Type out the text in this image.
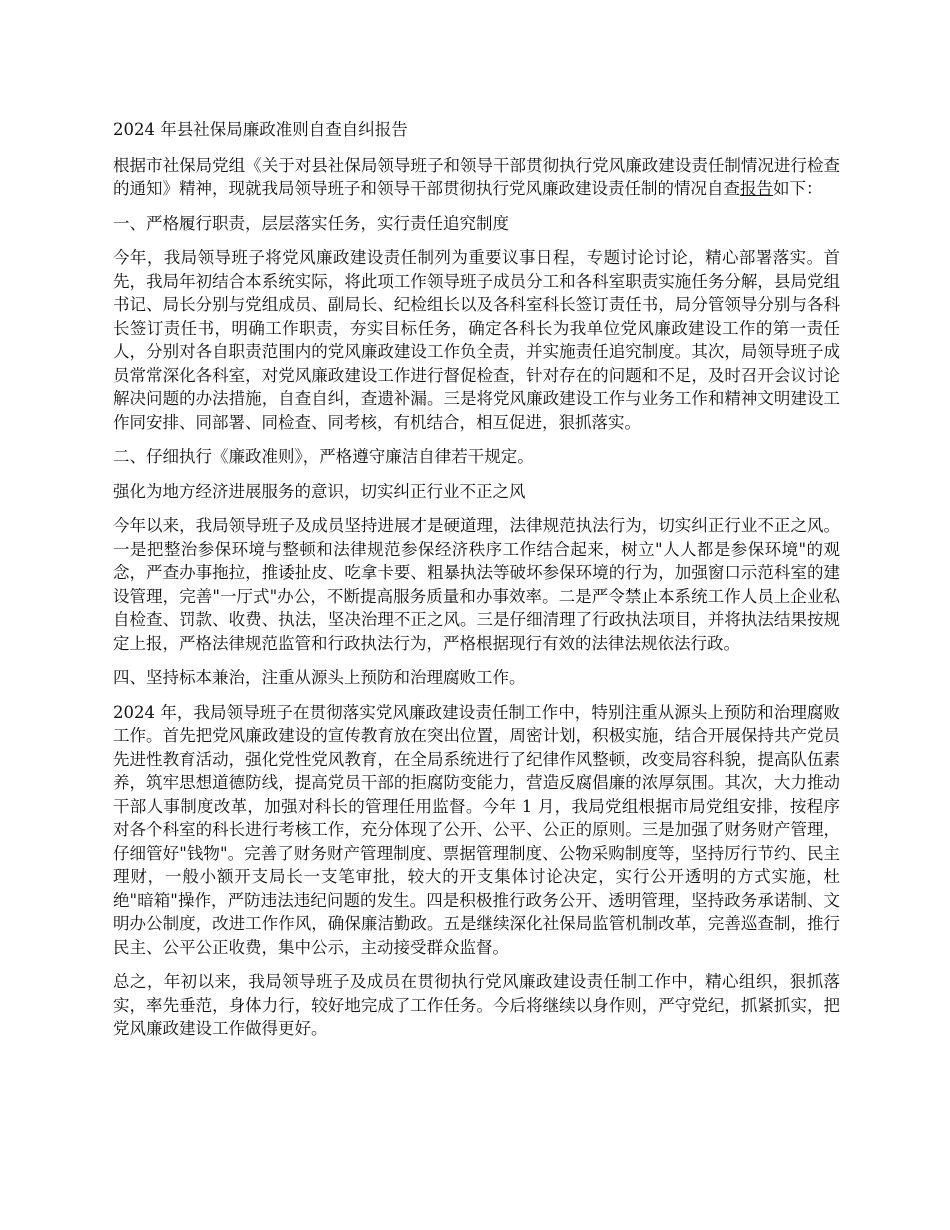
2024 年县社保局廉政准则自查自纠报告

根据市社保局党组《关于对县社保局领导班子和领导干部贯彻执行党风廉政建设责任制情况进行检查的通知》精神，现就我局领导班子和领导干部贯彻执行党风廉政建设责任制的情况自查报告如下：

一、严格履行职责，层层落实任务，实行责任追究制度

今年，我局领导班子将党风廉政建设责任制列为重要议事日程，专题讨论讨论，精心部署落实。首先，我局年初结合本系统实际，将此项工作领导班子成员分工和各科室职责实施任务分解，县局党组书记、局长分别与党组成员、副局长、纪检组长以及各科室科长签订责任书，局分管领导分别与各科长签订责任书，明确工作职责，夯实目标任务，确定各科长为我单位党风廉政建设工作的第一责任人，分别对各自职责范围内的党风廉政建设工作负全责，并实施责任追究制度。其次，局领导班子成员常常深化各科室，对党风廉政建设工作进行督促检查，针对存在的问题和不足，及时召开会议讨论解决问题的办法措施，自查自纠，查遗补漏。三是将党风廉政建设工作与业务工作和精神文明建设工作同安排、同部署、同检查、同考核，有机结合，相互促进，狠抓落实。

二、仔细执行《廉政准则》，严格遵守廉洁自律若干规定。

强化为地方经济进展服务的意识，切实纠正行业不正之风

今年以来，我局领导班子及成员坚持进展才是硬道理，法律规范执法行为，切实纠正行业不正之风。一是把整治参保环境与整顿和法律规范参保经济秩序工作结合起来，树立"人人都是参保环境"的观念，严查办事拖拉，推诿扯皮、吃拿卡要、粗暴执法等破坏参保环境的行为，加强窗口示范科室的建设管理，完善"一厅式"办公，不断提高服务质量和办事效率。二是严令禁止本系统工作人员上企业私自检查、罚款、收费、执法，坚决治理不正之风。三是仔细清理了行政执法项目，并将执法结果按规定上报，严格法律规范监管和行政执法行为，严格根据现行有效的法律法规依法行政。

四、坚持标本兼治，注重从源头上预防和治理腐败工作。

2024 年，我局领导班子在贯彻落实党风廉政建设责任制工作中，特别注重从源头上预防和治理腐败工作。首先把党风廉政建设的宣传教育放在突出位置，周密计划，积极实施，结合开展保持共产党员先进性教育活动，强化党性党风教育，在全局系统进行了纪律作风整顿，改变局容科貌，提高队伍素养，筑牢思想道德防线，提高党员干部的拒腐防变能力，营造反腐倡廉的浓厚氛围。其次，大力推动干部人事制度改革，加强对科长的管理任用监督。今年 1 月，我局党组根据市局党组安排，按程序对各个科室的科长进行考核工作，充分体现了公开、公平、公正的原则。三是加强了财务财产管理，仔细管好"钱物"。完善了财务财产管理制度、票据管理制度、公物采购制度等，坚持厉行节约、民主理财，一般小额开支局长一支笔审批，较大的开支集体讨论决定，实行公开透明的方式实施，杜绝"暗箱"操作，严防违法违纪问题的发生。四是积极推行政务公开、透明管理，坚持政务承诺制、文明办公制度，改进工作作风，确保廉洁勤政。五是继续深化社保局监管机制改革，完善巡查制，推行民主、公平公正收费，集中公示，主动接受群众监督。

总之，年初以来，我局领导班子及成员在贯彻执行党风廉政建设责任制工作中，精心组织，狠抓落实，率先垂范，身体力行，较好地完成了工作任务。今后将继续以身作则，严守党纪，抓紧抓实，把党风廉政建设工作做得更好。
